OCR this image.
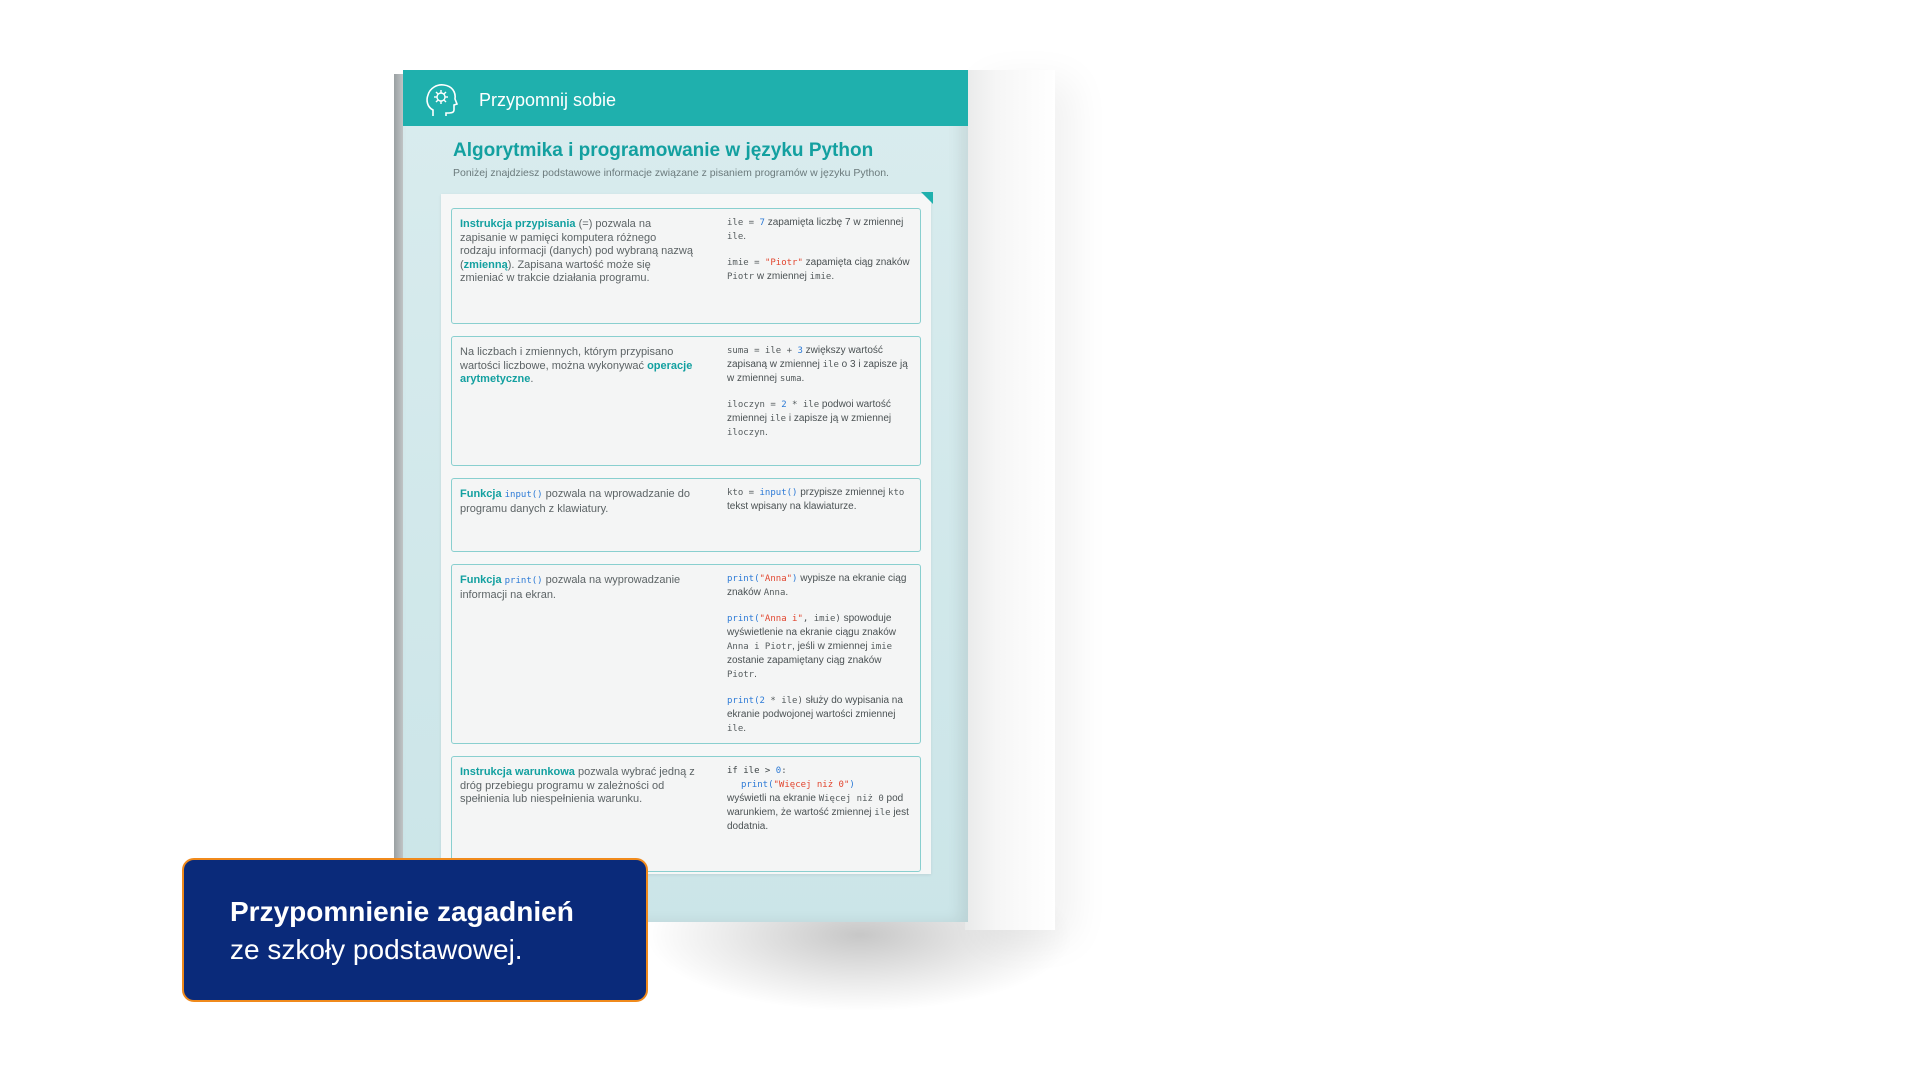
Przypomnij sobie
Algorytmika i programowanie w języku Python
Poniżej znajdziesz podstawowe informacje związane z pisaniem programów w języku Python.
Instrukcja przypisania (=) pozwala na zapisanie w pamięci komputera różnego rodzaju informacji (danych) pod wybraną nazwą (zmienną). Zapisana wartość może się zmieniać w trakcie działania programu.

ile = 7 zapamięta liczbę 7 w zmiennej ile.

imie = "Piotr" zapamięta ciąg znaków Piotr w zmiennej imie.

Na liczbach i zmiennych, którym przypisano wartości liczbowe, można wykonywać operacje arytmetyczne.

suma = ile + 3 zwiększy wartość zapisaną w zmiennej ile o 3 i zapisze ją w zmiennej suma.

iloczyn = 2 * ile podwoi wartość zmiennej ile i zapisze ją w zmiennej iloczyn.

Funkcja input() pozwala na wprowadzanie do programu danych z klawiatury.

kto = input() przypisze zmiennej kto tekst wpisany na klawiaturze.

Funkcja print() pozwala na wyprowadzanie informacji na ekran.

print("Anna") wypisze na ekranie ciąg znaków Anna.

print("Anna i", imie) spowoduje wyświetlenie na ekranie ciągu znaków Anna i Piotr, jeśli w zmiennej imie zostanie zapamiętany ciąg znaków Piotr.

print(2 * ile) służy do wypisania na ekranie podwojonej wartości zmiennej ile.

Instrukcja warunkowa pozwala wybrać jedną z dróg przebiegu programu w zależności od spełnienia lub niespełnienia warunku.
if ile > 0:
print("Więcej niż 0")

wyświetli na ekranie Więcej niż 0 pod warunkiem, że wartość zmiennej ile jest dodatnia.

Przypomnienie zagadnień
ze szkoły podstawowej.
